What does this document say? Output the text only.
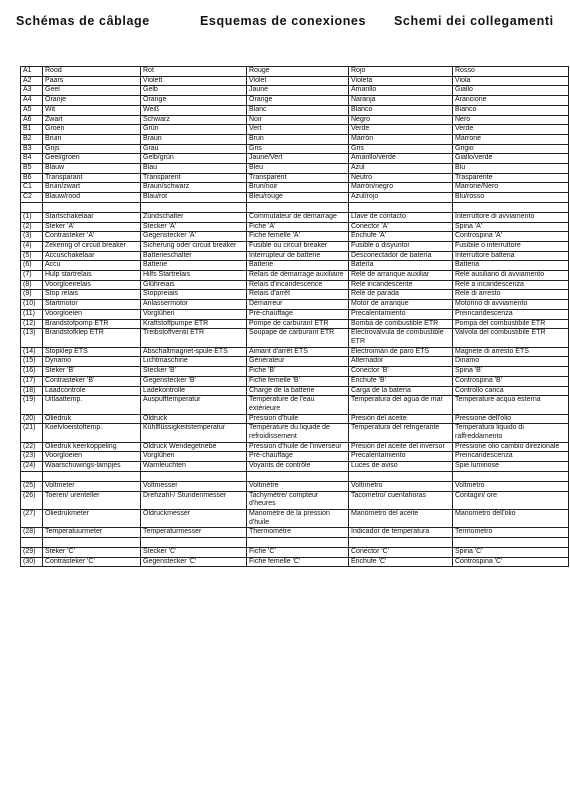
Schémas de câblage	Esquemas de conexiones Schemi dei collegamenti
A1	Rood	Rot	Rouge	Rojo	Rosso
A2	Paars	Violett	Violet	Violeta	Viola
A3	Geel	Gelb	Jaune	Amarillo	Giallo
A4	Oranje	Orange	Orange	Naranja	Arancione
A5	Wit	Weiß	Blanc	Blanco	Bianco
A6	Zwart	Schwarz	Noir	Negro	Nero
B1	Groen	Grün	Vert	Verde	Verde
B2	Bruin	Braun	Brun	Marrón	Marrone
B3	Grijs	Grau	Gris	Gris	Grigio
B4	Geel/groen	Gelb/grün	Jaune/Vert	Amarillo/verde	Giallo/verde
B5	Blauw	Blau	Bleu	Azul	Blu
B6	Transparant	Transparent	Transparent	Neutro	Trasparente
C1	Bruin/zwart	Braun/schwarz	Brun/noir	Marrón/negro	Marrone/Nero
C2	Blauw/rood	Blau/rot	Bleu/rouge	Azul/rojo	Blu/rosso

(1)	Startschakelaar	Zündschalter	Commutateur de démarrage	Llave de contacto	Interruttore di avviamento
(2)	Steker 'A'	Stecker 'A'	Fiche 'A'	Conector 'A'	Spina 'A'
(3)	Contrasteker 'A'	Gegenstecker 'A'	Fiche femelle 'A'	Enchufe 'A'	Controspina 'A'
(4)	Zekering of circuit breaker	Sicherung oder circuit breaker	Fusible ou circuit breaker	Fusible o disyuntor	Fusibile o interruttore
(5)	Accuschakelaar	Batterieschalter	Interrupteur de batterie	Desconectador de batería	Interruttore batteria
(6)	Accu	Batterie	Batterie	Batería	Batteria
(7)	Hulp startrelais	Hilfs Startrelais	Relais de démarrage auxiliaire	Relé de arranque auxiliar	Relè ausiliario di avviamento
(8)	Voorgloeirelais	Glühreiais	Relais d'incandescence	Relé incandescente	Relè a incandescenza
(9)	Stop relais	Stoppreiais	Relais d'arrêt	Relé de parada	Relè di arresto
(10)	Startmotor	Anlassermotor	Démarreur	Motor de arranque	Motorino di avviamento
(11)	Voorgloeien	Vorglühen	Pré-chauffage	Precalentamiento	Preincandescenza
(12)	Brandstofpomp ETR	Kraftstoffpumpe ETR	Pompe de carburant ETR	Bomba de combustible ETR	Pompa del combustibile ETR
(13)	Brandstofklep ETR	Treibstoffventil ETR	Soupape de carburant ETR	Electroválvula de combustible ETR	Valvola del combustibile ETR
(14)	Stopklep ETS	Abschaltmagnet-spule ETS	Aimant d'arrêt ETS	Electroimán de paro ETS	Magnete di arresto ETS
(15)	Dynamo	Lichtmaschine	Générateur	Alternador	Dinamo
(16)	Steker 'B'	Stecker 'B'	Fiche 'B'	Conector 'B'	Spina 'B'
(17)	Contrasteker 'B'	Gegenstecker 'B'	Fiche femelle 'B'	Enchufe 'B'	Controspina 'B'
(18)	Laadcontrole	Ladekontrolle	Charge de la batterie	Carga de la batería	Controllo carica
(19)	Uitlaattemp.	Auspufftemperatur	Température de l'eau extérieure	Temperatura del agua de mar	Temperature acqua esterna
(20)	Oliedruk	Öldruck	Pression d'huile	Presión del aceite	Pressione dell'olio
(21)	Koelvloeistoftemp.	Kühlflüssigkeitstemperatur	Température du liquide de refroidissement	Temperatura del refrigerante	Temperatura liquido di raffreddamento
(22)	Oliedruk keerkoppeling	Öldruck Wendegetriebe	Pression d'huile de l'inverseur	Presión del aceite del inversor	Pressione olio cambio direzionale
(23)	Voorgloeien	Vorglühen	Pré-chauffage	Precalentamiento	Preincandescenza
(24)	Waarschuwings-lampjes	Warnleuchten	Voyants de contrôle	Luces de aviso	Spie luminose

(25)	Voltmeter	Voltmesser	Voltmètre	Voltímetro	Voltmetro
(26)	Toeren/ urenteller	Drehzahl-/ Stundenmesser	Tachymètre/ compteur d'heures	Tacómetro/ cuentahoras	Contagiri/ ore
(27)	Oliedrukmeter	Öldruckmesser	Manomètre de la pression d'huile	Manómetro del aceite	Manometro dell'olio
(28)	Temperatuurmeter	Temperaturmesser	Thermomètre	Indicador de temperatura	Termometro

(29)	Steker 'C'	Stecker 'C'	Fiche 'C'	Conector 'C'	Spina 'C'
(30)	Contrasteker 'C'	Gegenstecker 'C'	Fiche femelle 'C'	Enchufe 'C'	Controspina 'C'
